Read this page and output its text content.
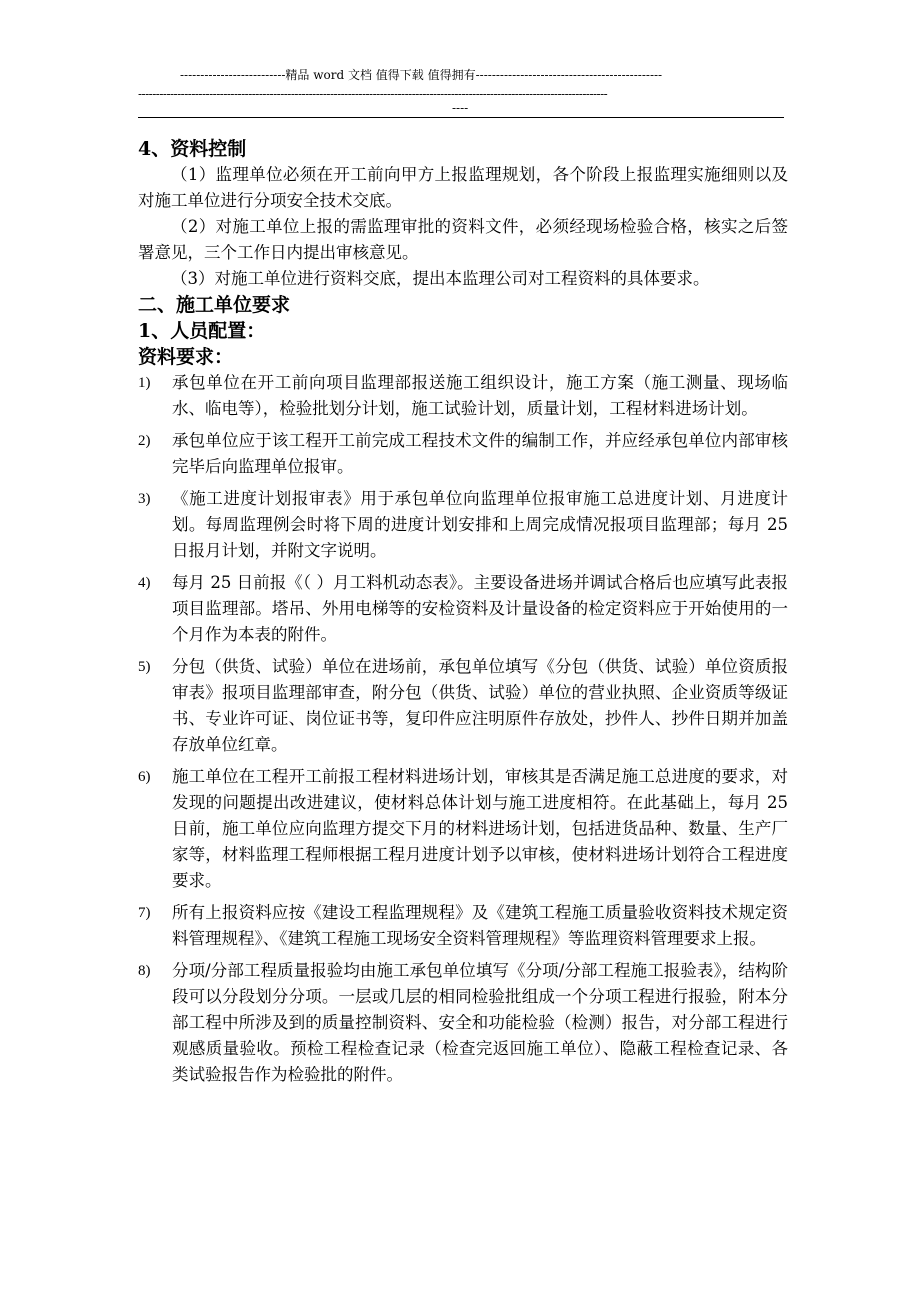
--------------------------精品 word 文档 值得下载 值得拥有----------------------------------------------
------------------------------------------------------------------------------------------------------------------------------------
----

4、资料控制

（1）监理单位必须在开工前向甲方上报监理规划，各个阶段上报监理实施细则以及对施工单位进行分项安全技术交底。

（2）对施工单位上报的需监理审批的资料文件，必须经现场检验合格，核实之后签署意见，三个工作日内提出审核意见。

（3）对施工单位进行资料交底，提出本监理公司对工程资料的具体要求。

二、施工单位要求

1、人员配置：

资料要求：

1) 承包单位在开工前向项目监理部报送施工组织设计，施工方案（施工测量、现场临水、临电等），检验批划分计划，施工试验计划，质量计划，工程材料进场计划。
2) 承包单位应于该工程开工前完成工程技术文件的编制工作，并应经承包单位内部审核完毕后向监理单位报审。
3) 《施工进度计划报审表》用于承包单位向监理单位报审施工总进度计划、月进度计划。每周监理例会时将下周的进度计划安排和上周完成情况报项目监理部；每月 25 日报月计划，并附文字说明。
4) 每月 25 日前报《（ ）月工料机动态表》。主要设备进场并调试合格后也应填写此表报项目监理部。塔吊、外用电梯等的安检资料及计量设备的检定资料应于开始使用的一个月作为本表的附件。
5) 分包（供货、试验）单位在进场前，承包单位填写《分包（供货、试验）单位资质报审表》报项目监理部审查，附分包（供货、试验）单位的营业执照、企业资质等级证书、专业许可证、岗位证书等，复印件应注明原件存放处，抄件人、抄件日期并加盖存放单位红章。
6) 施工单位在工程开工前报工程材料进场计划，审核其是否满足施工总进度的要求，对发现的问题提出改进建议，使材料总体计划与施工进度相符。在此基础上，每月 25 日前，施工单位应向监理方提交下月的材料进场计划，包括进货品种、数量、生产厂家等，材料监理工程师根据工程月进度计划予以审核，使材料进场计划符合工程进度要求。
7) 所有上报资料应按《建设工程监理规程》及《建筑工程施工质量验收资料技术规定资料管理规程》、《建筑工程施工现场安全资料管理规程》等监理资料管理要求上报。
8) 分项/分部工程质量报验均由施工承包单位填写《分项/分部工程施工报验表》，结构阶段可以分段划分分项。一层或几层的相同检验批组成一个分项工程进行报验，附本分部工程中所涉及到的质量控制资料、安全和功能检验（检测）报告，对分部工程进行观感质量验收。预检工程检查记录（检查完返回施工单位）、隐蔽工程检查记录、各类试验报告作为检验批的附件。
